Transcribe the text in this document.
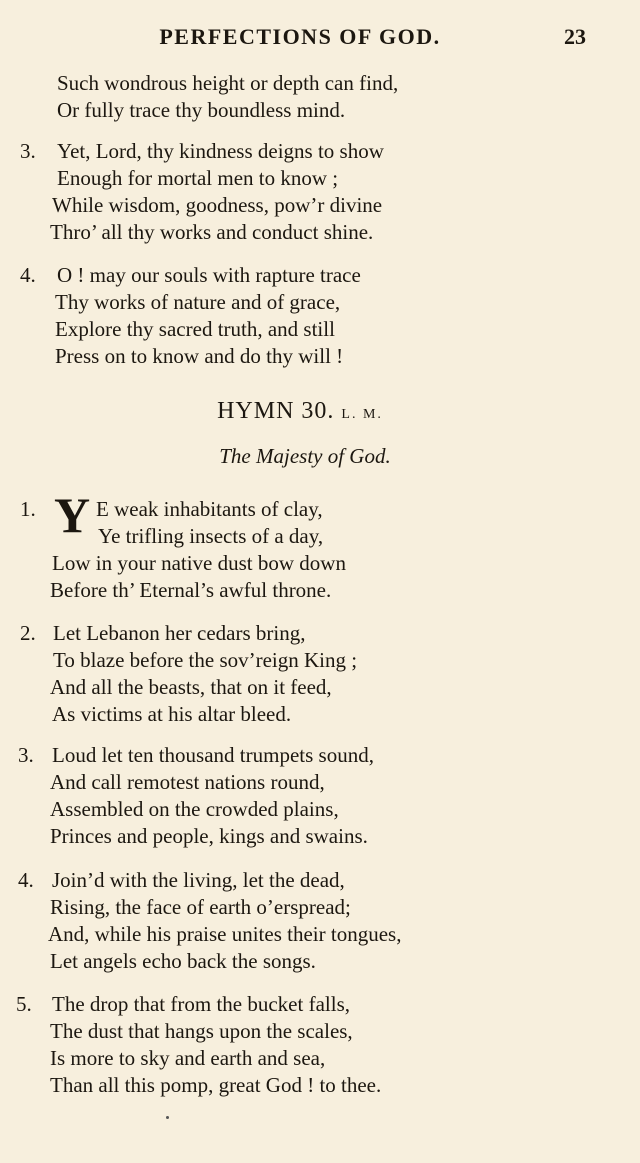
PERFECTIONS OF GOD.	23
Such wondrous height or depth can find,
Or fully trace thy boundless mind.
3. Yet, Lord, thy kindness deigns to show
Enough for mortal men to know ;
While wisdom, goodness, pow’r divine
Thro’ all thy works and conduct shine.
4. O ! may our souls with rapture trace
Thy works of nature and of grace,
Explore thy sacred truth, and still
Press on to know and do thy will !
HYMN 30. L. M.
The Majesty of God.
1. Y E weak inhabitants of clay,
Ye trifling insects of a day,
Low in your native dust bow down
Before th’ Eternal’s awful throne.
2. Let Lebanon her cedars bring,
To blaze before the sov’reign King ;
And all the beasts, that on it feed,
As victims at his altar bleed.
3. Loud let ten thousand trumpets sound,
And call remotest nations round,
Assembled on the crowded plains,
Princes and people, kings and swains.
4. Join’d with the living, let the dead,
Rising, the face of earth o’erspread;
And, while his praise unites their tongues,
Let angels echo back the songs.
5. The drop that from the bucket falls,
The dust that hangs upon the scales,
Is more to sky and earth and sea,
Than all this pomp, great God ! to thee.
